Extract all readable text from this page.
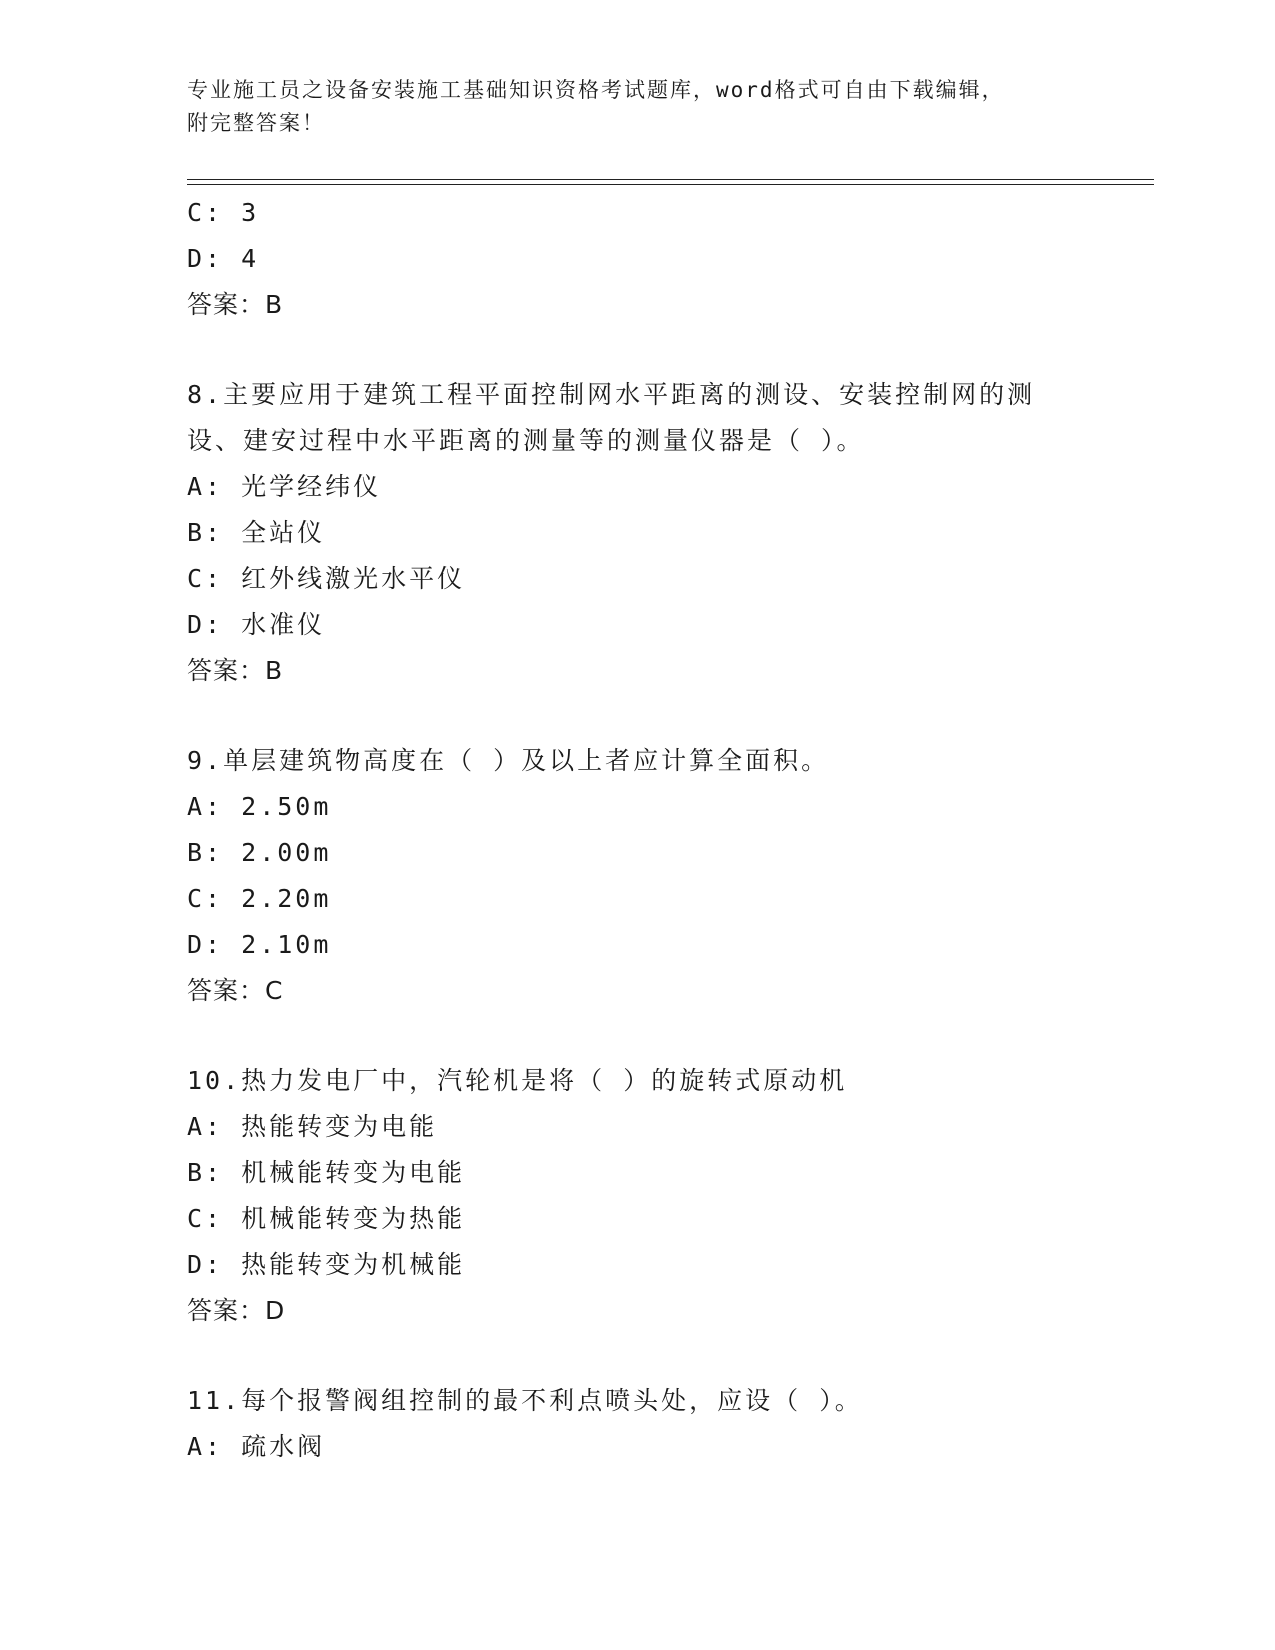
专业施工员之设备安装施工基础知识资格考试题库，word格式可自由下载编辑，
附完整答案！
C: 3
D: 4
答案：B
8.主要应用于建筑工程平面控制网水平距离的测设、安装控制网的测
设、建安过程中水平距离的测量等的测量仪器是（ ）。
A: 光学经纬仪
B: 全站仪
C: 红外线激光水平仪
D: 水准仪
答案：B
9.单层建筑物高度在（ ）及以上者应计算全面积。
A: 2.50m
B: 2.00m
C: 2.20m
D: 2.10m
答案：C
10.热力发电厂中，汽轮机是将（ ）的旋转式原动机
A: 热能转变为电能
B: 机械能转变为电能
C: 机械能转变为热能
D: 热能转变为机械能
答案：D
11.每个报警阀组控制的最不利点喷头处，应设（ ）。
A: 疏水阀
